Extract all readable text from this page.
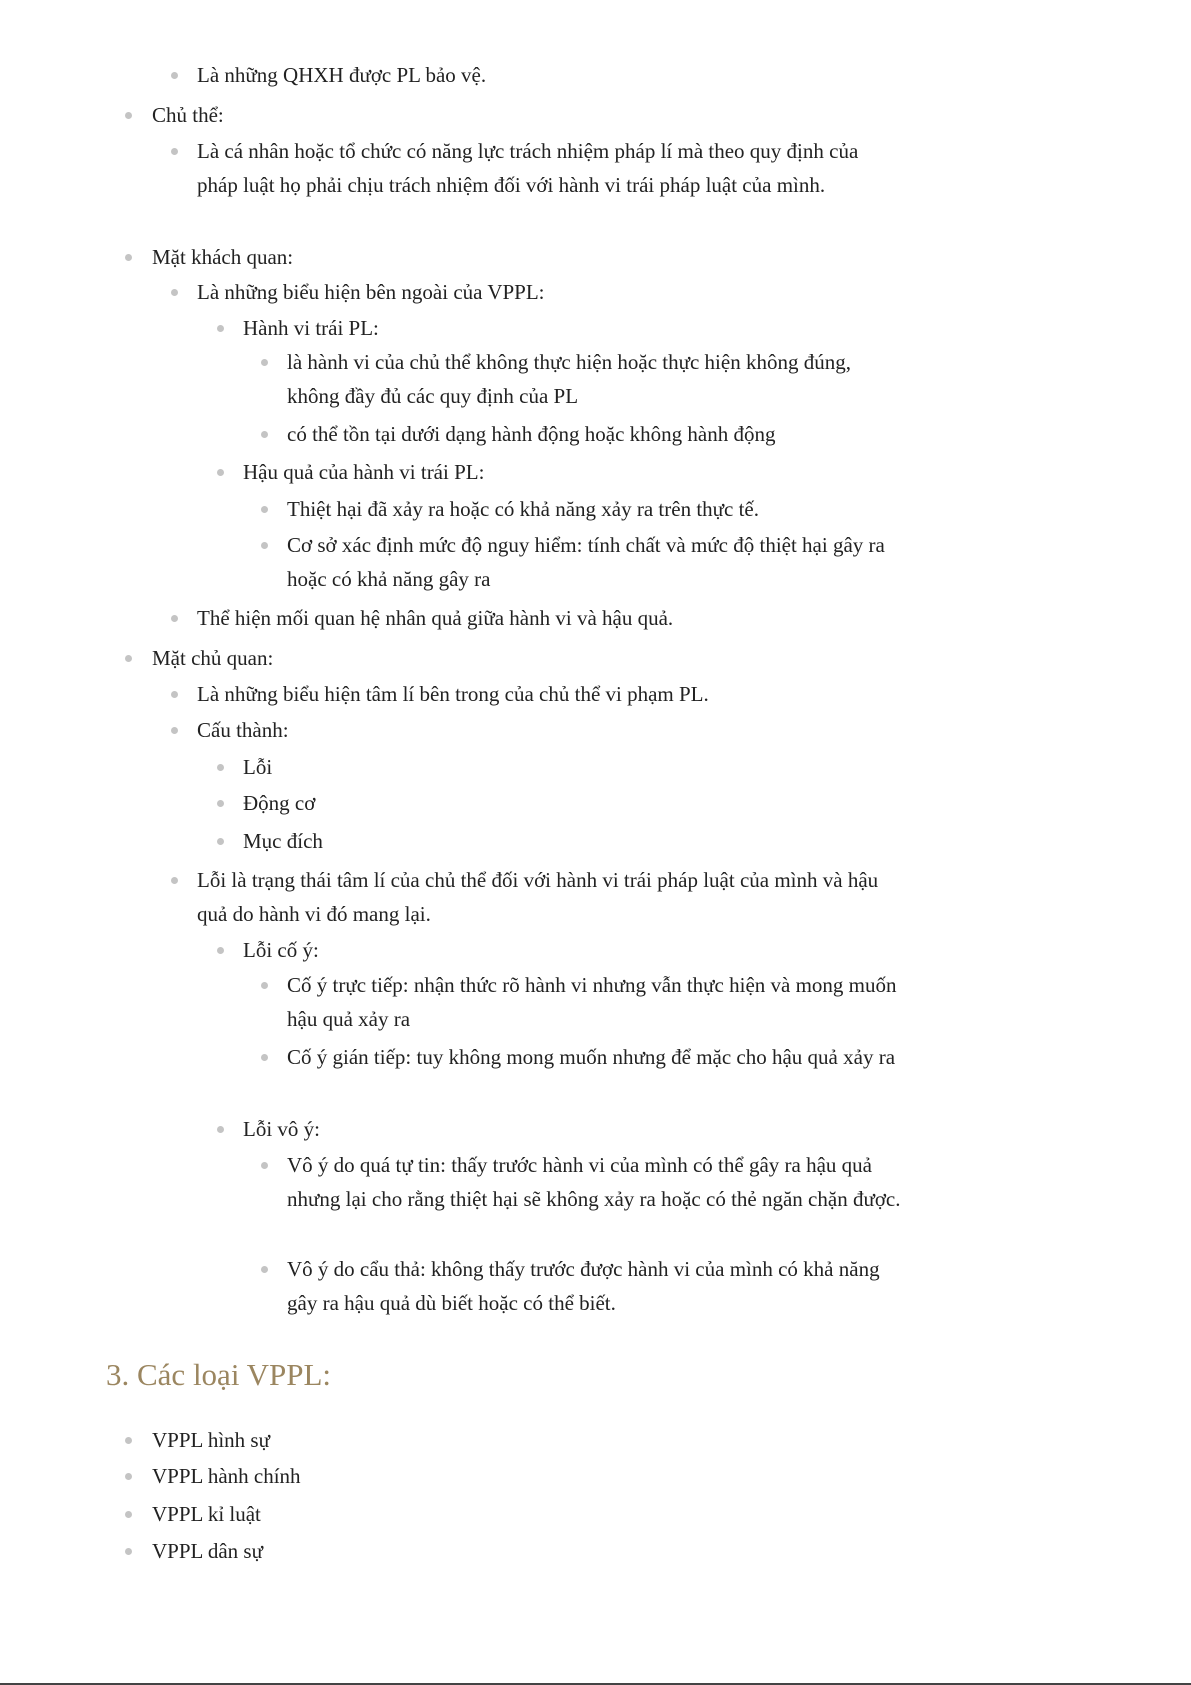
Là những QHXH được PL bảo vệ.
Chủ thể:
Là cá nhân hoặc tổ chức có năng lực trách nhiệm pháp lí mà theo quy định của pháp luật họ phải chịu trách nhiệm đối với hành vi trái pháp luật của mình.
Mặt khách quan:
Là những biểu hiện bên ngoài của VPPL:
Hành vi trái PL:
là hành vi của chủ thể không thực hiện hoặc thực hiện không đúng, không đầy đủ các quy định của PL
có thể tồn tại dưới dạng hành động hoặc không hành động
Hậu quả của hành vi trái PL:
Thiệt hại đã xảy ra hoặc có khả năng xảy ra trên thực tế.
Cơ sở xác định mức độ nguy hiểm: tính chất và mức độ thiệt hại gây ra hoặc có khả năng gây ra
Thể hiện mối quan hệ nhân quả giữa hành vi và hậu quả.
Mặt chủ quan:
Là những biểu hiện tâm lí bên trong của chủ thể vi phạm PL.
Cấu thành:
Lỗi
Động cơ
Mục đích
Lỗi là trạng thái tâm lí của chủ thể đối với hành vi trái pháp luật của mình và hậu quả do hành vi đó mang lại.
Lỗi cố ý:
Cố ý trực tiếp: nhận thức rõ hành vi nhưng vẫn thực hiện và mong muốn hậu quả xảy ra
Cố ý gián tiếp: tuy không mong muốn nhưng để mặc cho hậu quả xảy ra
Lỗi vô ý:
Vô ý do quá tự tin: thấy trước hành vi của mình có thể gây ra hậu quả nhưng lại cho rằng thiệt hại sẽ không xảy ra hoặc có thẻ ngăn chặn được.
Vô ý do cẩu thả: không thấy trước được hành vi của mình có khả năng gây ra hậu quả dù biết hoặc có thể biết.
3. Các loại VPPL:
VPPL hình sự
VPPL hành chính
VPPL kỉ luật
VPPL dân sự
